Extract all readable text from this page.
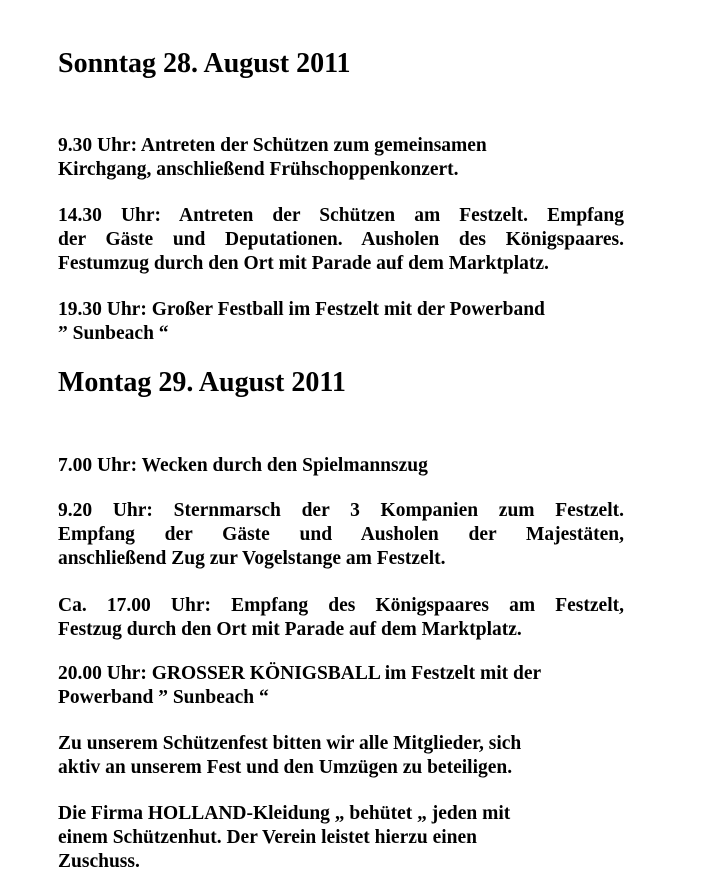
Sonntag 28. August 2011

9.30 Uhr: Antreten der Schützen zum gemeinsamen
Kirchgang, anschließend Frühschoppenkonzert.

14.30 Uhr: Antreten der Schützen am Festzelt. Empfang
der Gäste und Deputationen. Ausholen des Königspaares.
Festumzug durch den Ort mit Parade auf dem Marktplatz.

19.30 Uhr: Großer Festball im Festzelt mit der Powerband
” Sunbeach “

Montag 29. August 2011

7.00 Uhr: Wecken durch den Spielmannszug

9.20 Uhr: Sternmarsch der 3 Kompanien zum Festzelt.
Empfang der Gäste und Ausholen der Majestäten,
anschließend Zug zur Vogelstange am Festzelt.

Ca. 17.00 Uhr: Empfang des Königspaares am Festzelt,
Festzug durch den Ort mit Parade auf dem Marktplatz.

20.00 Uhr: GROSSER KÖNIGSBALL im Festzelt mit der
Powerband ” Sunbeach “

Zu unserem Schützenfest bitten wir alle Mitglieder, sich
aktiv an unserem Fest und den Umzügen zu beteiligen.

Die Firma HOLLAND-Kleidung „ behütet „ jeden mit
einem Schützenhut. Der Verein leistet hierzu einen
Zuschuss.
